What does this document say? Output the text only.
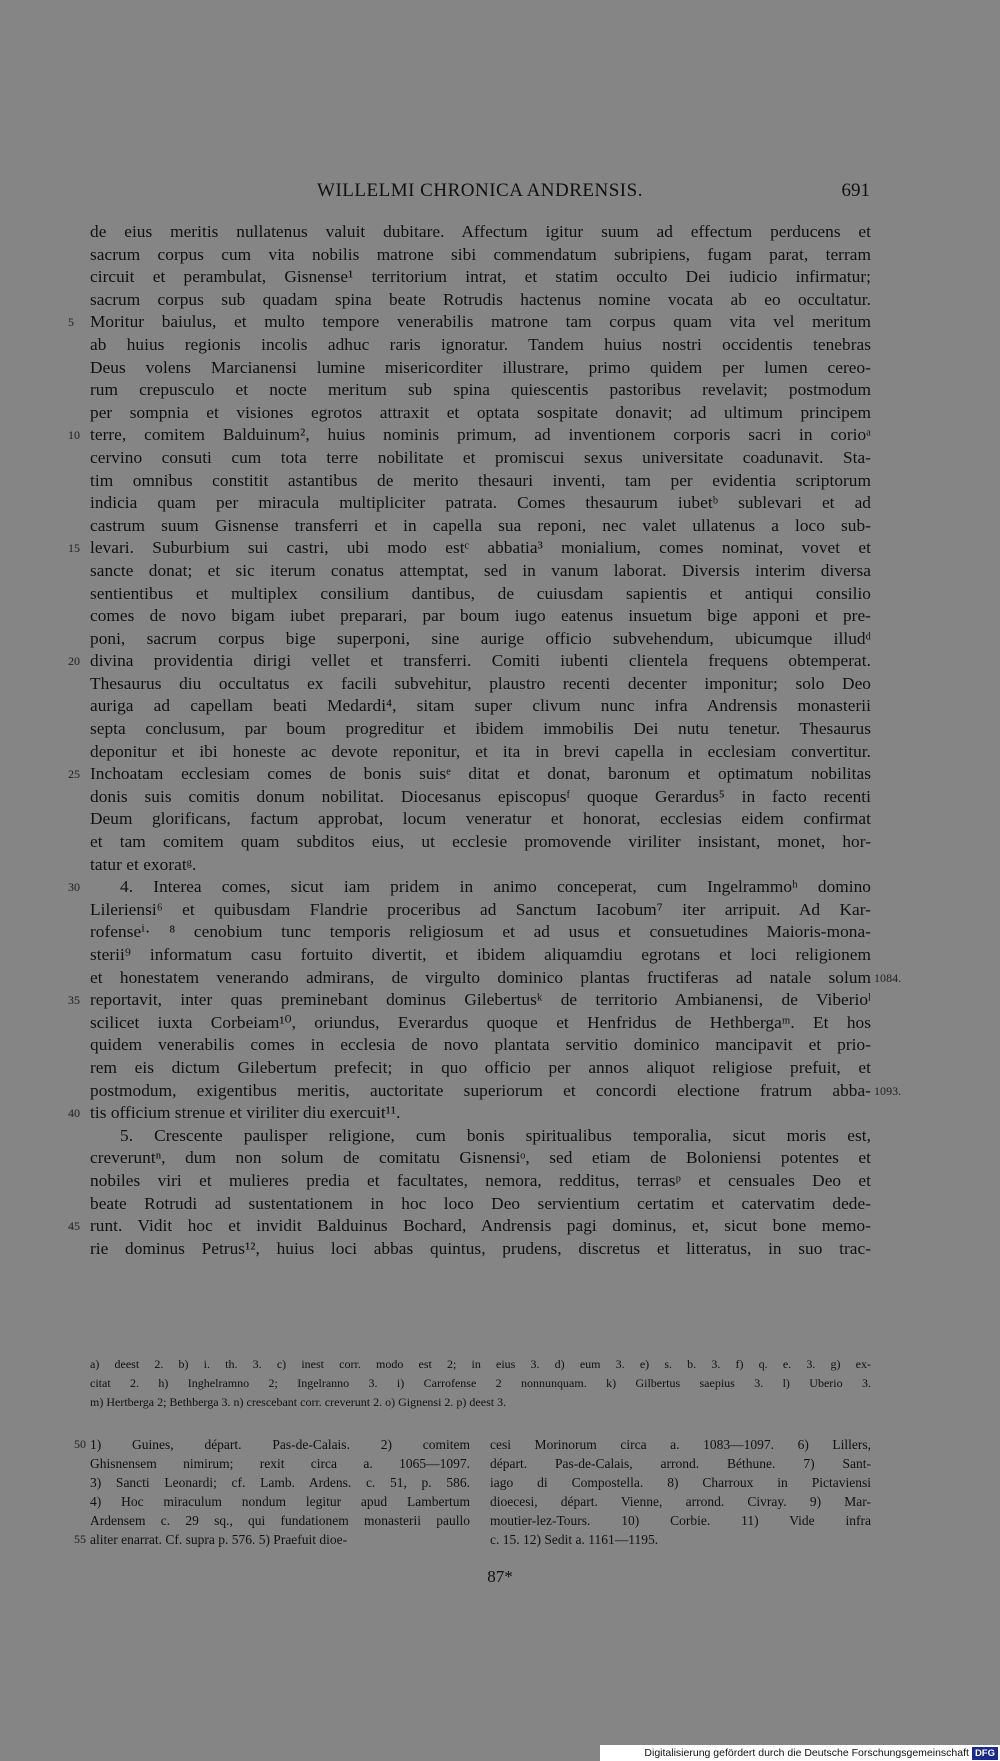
WILLELMI CHRONICA ANDRENSIS.	691
de eius meritis nullatenus valuit dubitare. Affectum igitur suum ad effectum perducens et
sacrum corpus cum vita nobilis matrone sibi commendatum subripiens, fugam parat, terram
circuit et perambulat, Gisnense¹ territorium intrat, et statim occulto Dei iudicio infirmatur;
sacrum corpus sub quadam spina beate Rotrudis hactenus nomine vocata ab eo occultatur.
Moritur baiulus, et multo tempore venerabilis matrone tam corpus quam vita vel meritum
5
ab huius regionis incolis adhuc raris ignoratur. Tandem huius nostri occidentis tenebras
Deus volens Marcianensi lumine misericorditer illustrare, primo quidem per lumen cereo-
rum crepusculo et nocte meritum sub spina quiescentis pastoribus revelavit; postmodum
per sompnia et visiones egrotos attraxit et optata sospitate donavit; ad ultimum principem
terre, comitem Balduinum², huius nominis primum, ad inventionem corporis sacri in corioᵃ
10
cervino consuti cum tota terre nobilitate et promiscui sexus universitate coadunavit. Sta-
tim omnibus constitit astantibus de merito thesauri inventi, tam per evidentia scriptorum
indicia quam per miracula multipliciter patrata. Comes thesaurum iubetᵇ sublevari et ad
castrum suum Gisnense transferri et in capella sua reponi, nec valet ullatenus a loco sub-
levari. Suburbium sui castri, ubi modo estᶜ abbatia³ monialium, comes nominat, vovet et
15
sancte donat; et sic iterum conatus attemptat, sed in vanum laborat. Diversis interim diversa
sentientibus et multiplex consilium dantibus, de cuiusdam sapientis et antiqui consilio
comes de novo bigam iubet preparari, par boum iugo eatenus insuetum bige apponi et pre-
poni, sacrum corpus bige superponi, sine aurige officio subvehendum, ubicumque illudᵈ
divina providentia dirigi vellet et transferri. Comiti iubenti clientela frequens obtemperat.
20
Thesaurus diu occultatus ex facili subvehitur, plaustro recenti decenter imponitur; solo Deo
auriga ad capellam beati Medardi⁴, sitam super clivum nunc infra Andrensis monasterii
septa conclusum, par boum progreditur et ibidem immobilis Dei nutu tenetur. Thesaurus
deponitur et ibi honeste ac devote reponitur, et ita in brevi capella in ecclesiam convertitur.
Inchoatam ecclesiam comes de bonis suisᵉ ditat et donat, baronum et optimatum nobilitas
25
donis suis comitis donum nobilitat. Diocesanus episcopusᶠ quoque Gerardus⁵ in facto recenti
Deum glorificans, factum approbat, locum veneratur et honorat, ecclesias eidem confirmat
et tam comitem quam subditos eius, ut ecclesie promovende viriliter insistant, monet, hor-
tatur et exoratᵍ.
4. Interea comes, sicut iam pridem in animo conceperat, cum Ingelrammoʰ domino
30
Lileriensi⁶ et quibusdam Flandrie proceribus ad Sanctum Iacobum⁷ iter arripuit. Ad Kar-
rofenseⁱ· ⁸ cenobium tunc temporis religiosum et ad usus et consuetudines Maioris-mona-
sterii⁹ informatum casu fortuito divertit, et ibidem aliquamdiu egrotans et loci religionem
et honestatem venerando admirans, de virgulto dominico plantas fructiferas ad natale solum 1084.
reportavit, inter quas preminebant dominus Gilebertusᵏ de territorio Ambianensi, de Viberioˡ
35
scilicet iuxta Corbeiam¹⁰, oriundus, Everardus quoque et Henfridus de Hethbergaᵐ. Et hos
quidem venerabilis comes in ecclesia de novo plantata servitio dominico mancipavit et prio-
rem eis dictum Gilebertum prefecit; in quo officio per annos aliquot religiose prefuit, et
postmodum, exigentibus meritis, auctoritate superiorum et concordi electione fratrum abba- 1093.
tis officium strenue et viriliter diu exercuit¹¹.
40
5. Crescente paulisper religione, cum bonis spiritualibus temporalia, sicut moris est,
creveruntⁿ, dum non solum de comitatu Gisnensiᵒ, sed etiam de Boloniensi potentes et
nobiles viri et mulieres predia et facultates, nemora, redditus, terrasᵖ et censuales Deo et
beate Rotrudi ad sustentationem in hoc loco Deo servientium certatim et catervatim dede-
runt. Vidit hoc et invidit Balduinus Bochard, Andrensis pagi dominus, et, sicut bone memo-
45
rie dominus Petrus¹², huius loci abbas quintus, prudens, discretus et litteratus, in suo trac-
a) deest 2. b) i. th. 3. c) inest corr. modo est 2; in eius 3. d) eum 3. e) s. b. 3. f) q. e. 3. g) ex-
citat 2. h) Inghelramno 2; Ingelranno 3. i) Carrofense 2 nonnunquam. k) Gilbertus saepius 3. l) Uberio 3.
m) Hertberga 2; Bethberga 3. n) crescebant corr. creverunt 2. o) Gignensi 2. p) deest 3.
1) Guines, départ. Pas-de-Calais. 2) comitem cesi Morinorum circa a. 1083—1097. 6) Lillers,
50
Ghisnensem nimirum; rexit circa a. 1065—1097. départ. Pas-de-Calais, arrond. Béthune. 7) Sant-
3) Sancti Leonardi; cf. Lamb. Ardens. c. 51, p. 586. iago di Compostella. 8) Charroux in Pictaviensi
4) Hoc miraculum nondum legitur apud Lambertum dioecesi, départ. Vienne, arrond. Civray. 9) Mar-
Ardensem c. 29 sq., qui fundationem monasterii paullo moutier-lez-Tours. 10) Corbie. 11) Vide infra
aliter enarrat. Cf. supra p. 576. 5) Praefuit dioe-	c. 15. 12) Sedit a. 1161—1195.
55
87*
Digitalisierung gefördert durch die Deutsche Forschungsgemeinschaft DFG
